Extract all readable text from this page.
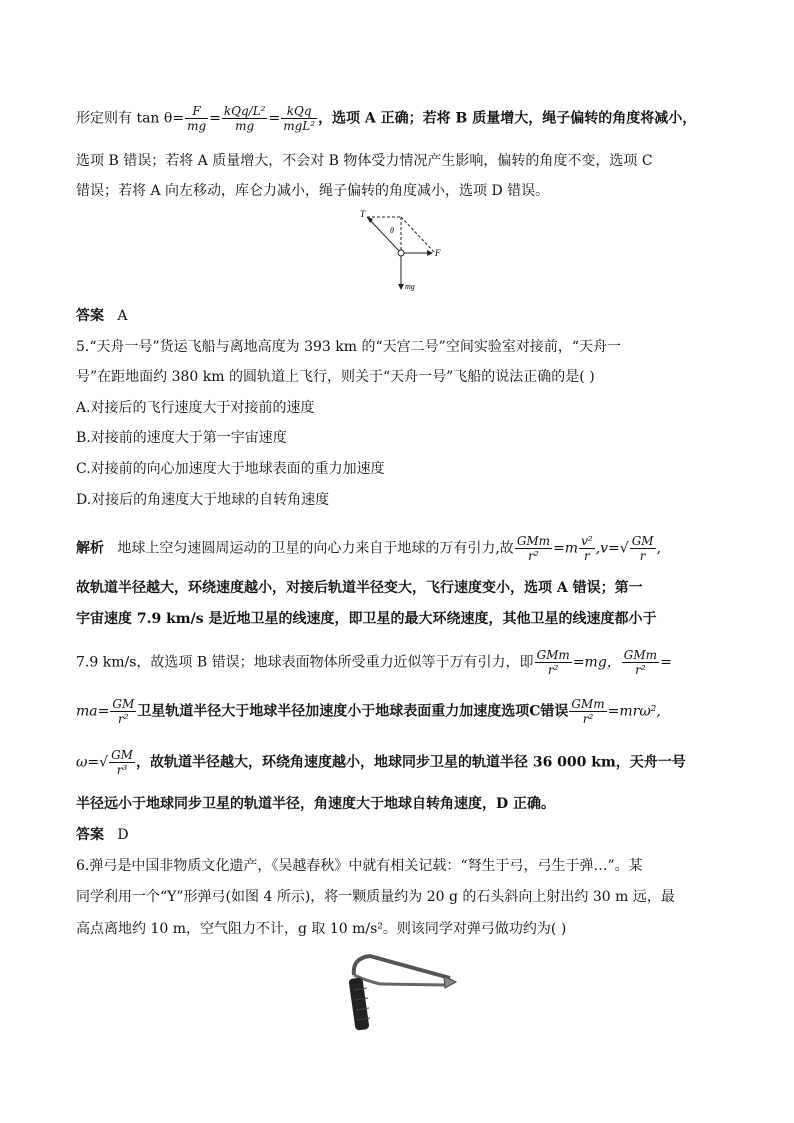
形定则有 $\tan \theta= \frac{F}{mg} = \frac{\text{kQq/L²}}{mg} = \frac{\text{kQq}}{\text{mgL²}}$ ，选项 A 正确；若将 B 质量增大，绳子偏转的角度将减小，
选项 B 错误；若将 A 质量增大，不会对 B 物体受力情况产生影响，偏转的角度不变，选项 C
错误；若将 A 向左移动，库仑力减小，绳子偏转的角度减小，选项 D 错误。
T
θ
F
mg
答案 A
5.“天舟一号”货运飞船与离地高度为 393 km 的“天宫二号”空间实验室对接前，“天舟一
号”在距地面约 380 km 的圆轨道上飞行，则关于“天舟一号”飞船的说法正确的是( )
A.对接后的飞行速度大于对接前的速度
B.对接前的速度大于第一宇宙速度
C.对接前的向心加速度大于地球表面的重力加速度
D.对接后的角速度大于地球的自转角速度
解析 地球上空匀速圆周运动的卫星的向心力来自于地球的万有引力,故 $\frac{\text{GMm}}{\text{r²}} =m \frac{\text{v²}}{r} ,v=√ \frac{GM}{r}$ ,
故轨道半径越大，环绕速度越小，对接后轨道半径变大，飞行速度变小，选项 A 错误；第一
宇宙速度 7.9 km/s 是近地卫星的线速度，即卫星的最大环绕速度，其他卫星的线速度都小于
7.9 km/s，故选项 B 错误；地球表面物体所受重力近似等于万有引力，即 $\frac{\text{GMm}}{\text{r²}} =mg$， $\frac{\text{GMm}}{\text{r²}}$ =
$ma= \frac{GM}{\text{r²}}$ 卫星轨道半径大于地球半径加速度小于地球表面重力加速度选项C错误 $\frac{\text{GMm}}{\text{r²}} =mr\omega^2$,
$\omega=√ \frac{GM}{\text{r³}}$ ，故轨道半径越大，环绕角速度越小，地球同步卫星的轨道半径 36 000 km，天舟一号
半径远小于地球同步卫星的轨道半径，角速度大于地球自转角速度，D 正确。
答案 D
6.弹弓是中国非物质文化遗产，《吴越春秋》中就有相关记载：“弩生于弓，弓生于弹…”。某
同学利用一个“Y”形弹弓(如图 4 所示)，将一颗质量约为 20 g 的石头斜向上射出约 30 m 远，最
高点离地约 10 m，空气阻力不计，g 取 10 m/s²。则该同学对弹弓做功约为( )
